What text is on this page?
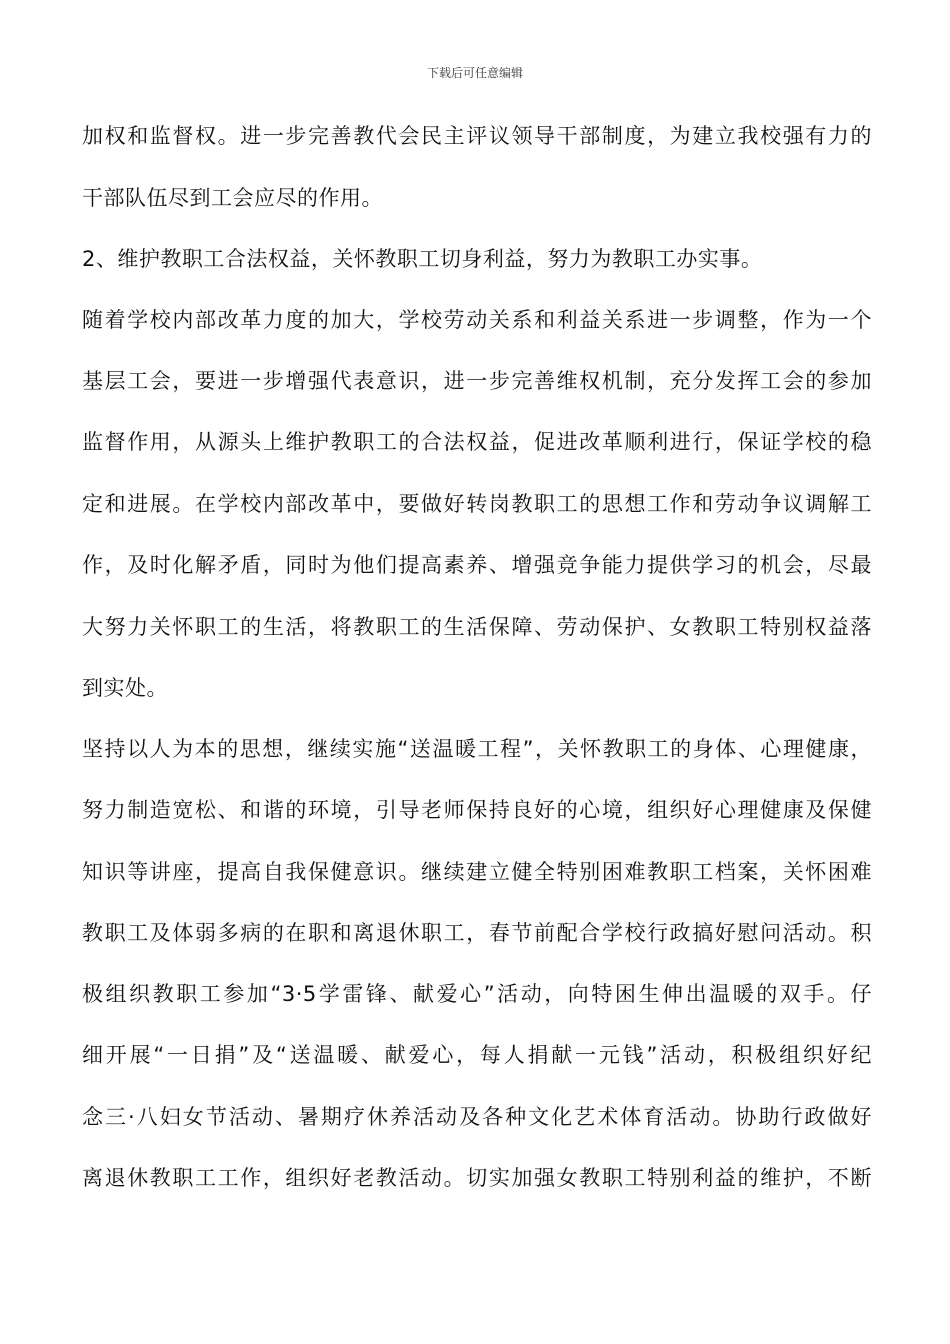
下载后可任意编辑
加权和监督权。进一步完善教代会民主评议领导干部制度，为建立我校强有力的
干部队伍尽到工会应尽的作用。
2、维护教职工合法权益，关怀教职工切身利益，努力为教职工办实事。
随着学校内部改革力度的加大，学校劳动关系和利益关系进一步调整，作为一个
基层工会，要进一步增强代表意识，进一步完善维权机制，充分发挥工会的参加
监督作用，从源头上维护教职工的合法权益，促进改革顺利进行，保证学校的稳
定和进展。在学校内部改革中，要做好转岗教职工的思想工作和劳动争议调解工
作，及时化解矛盾，同时为他们提高素养、增强竞争能力提供学习的机会，尽最
大努力关怀职工的生活，将教职工的生活保障、劳动保护、女教职工特别权益落
到实处。
坚持以人为本的思想，继续实施“送温暖工程”，关怀教职工的身体、心理健康，
努力制造宽松、和谐的环境，引导老师保持良好的心境，组织好心理健康及保健
知识等讲座，提高自我保健意识。继续建立健全特别困难教职工档案，关怀困难
教职工及体弱多病的在职和离退休职工，春节前配合学校行政搞好慰问活动。积
极组织教职工参加“3·5学雷锋、献爱心”活动，向特困生伸出温暖的双手。仔
细开展“一日捐”及“送温暖、献爱心，每人捐献一元钱”活动，积极组织好纪
念三·八妇女节活动、暑期疗休养活动及各种文化艺术体育活动。协助行政做好
离退休教职工工作，组织好老教活动。切实加强女教职工特别利益的维护，不断
